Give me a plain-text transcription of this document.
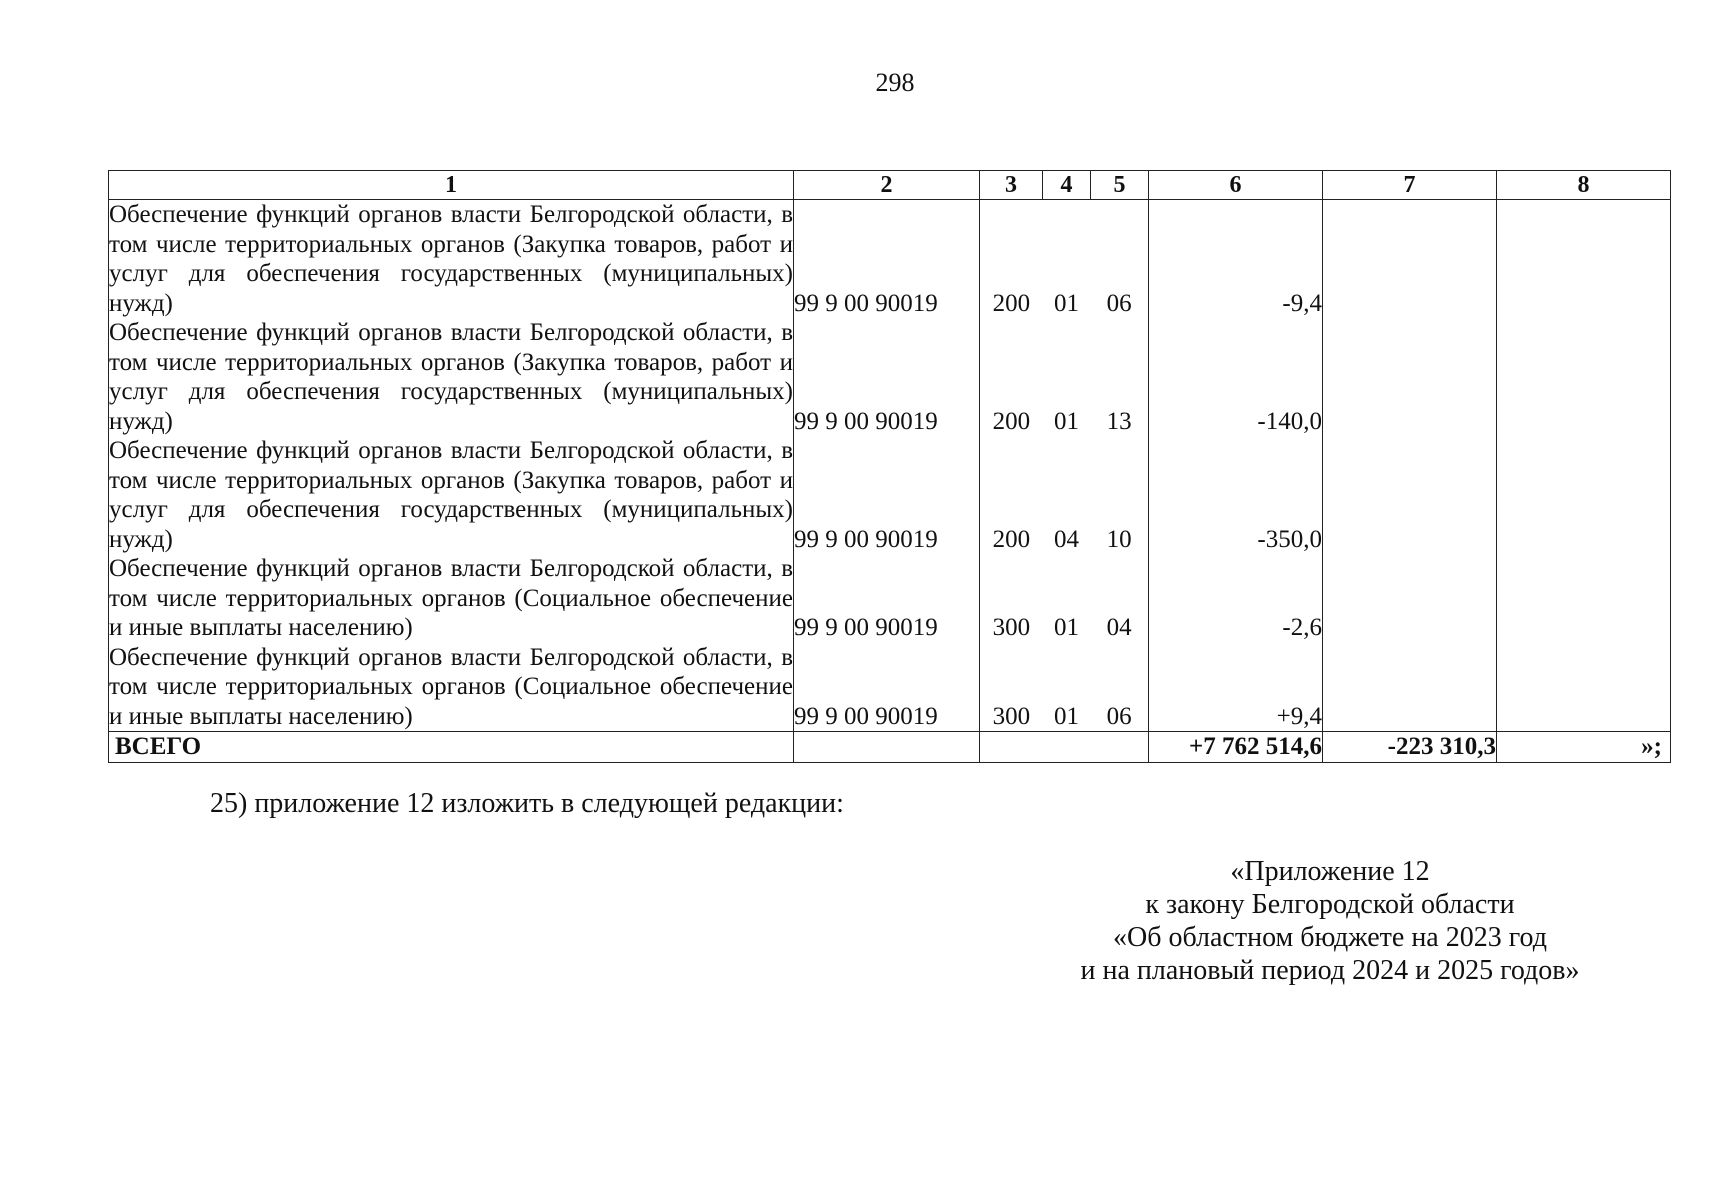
298
1	2	3	4	5	6	7	8
Обеспечение функций органов власти Белгородской области, в том числе территориальных органов (Закупка товаров, работ и услуг для обеспечения государственных (муниципальных) нужд)	99 9 00 90019	200 01 06			-9,4		
Обеспечение функций органов власти Белгородской области, в том числе территориальных органов (Закупка товаров, работ и услуг для обеспечения государственных (муниципальных) нужд)	99 9 00 90019	200 01 13			-140,0		
Обеспечение функций органов власти Белгородской области, в том числе территориальных органов (Закупка товаров, работ и услуг для обеспечения государственных (муниципальных) нужд)	99 9 00 90019	200 04 10			-350,0		
Обеспечение функций органов власти Белгородской области, в том числе территориальных органов (Социальное обеспечение и иные выплаты населению)	99 9 00 90019	300 01 04			-2,6		
Обеспечение функций органов власти Белгородской области, в том числе территориальных органов (Социальное обеспечение и иные выплаты населению)	99 9 00 90019	300 01 06			+9,4		
ВСЕГО					+7 762 514,6	-223 310,3	»;
25) приложение 12 изложить в следующей редакции:
«Приложение 12
к закону Белгородской области
«Об областном бюджете на 2023 год
и на плановый период 2024 и 2025 годов»
